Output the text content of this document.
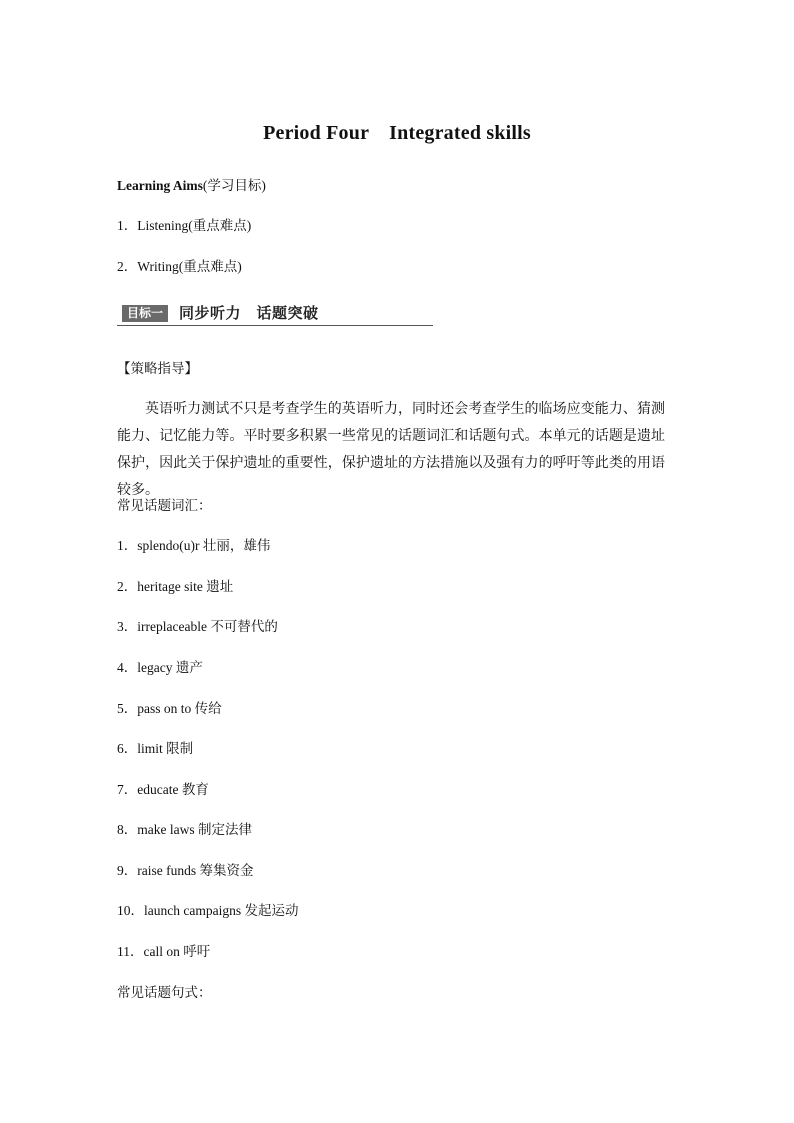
Period Four Integrated skills
Learning Aims(学习目标)
1．Listening(重点难点)
2．Writing(重点难点)
目标一	同步听力　话题突破
【策略指导】
英语听力测试不只是考查学生的英语听力，同时还会考查学生的临场应变能力、猜测能力、记忆能力等。平时要多积累一些常见的话题词汇和话题句式。本单元的话题是遗址保护，因此关于保护遗址的重要性，保护遗址的方法措施以及强有力的呼吁等此类的用语较多。
常见话题词汇：
1．splendo(u)r 壮丽，雄伟
2．heritage site 遗址
3．irreplaceable 不可替代的
4．legacy 遗产
5．pass on to 传给
6．limit 限制
7．educate 教育
8．make laws 制定法律
9．raise funds 筹集资金
10．launch campaigns 发起运动
11．call on 呼吁
常见话题句式：
